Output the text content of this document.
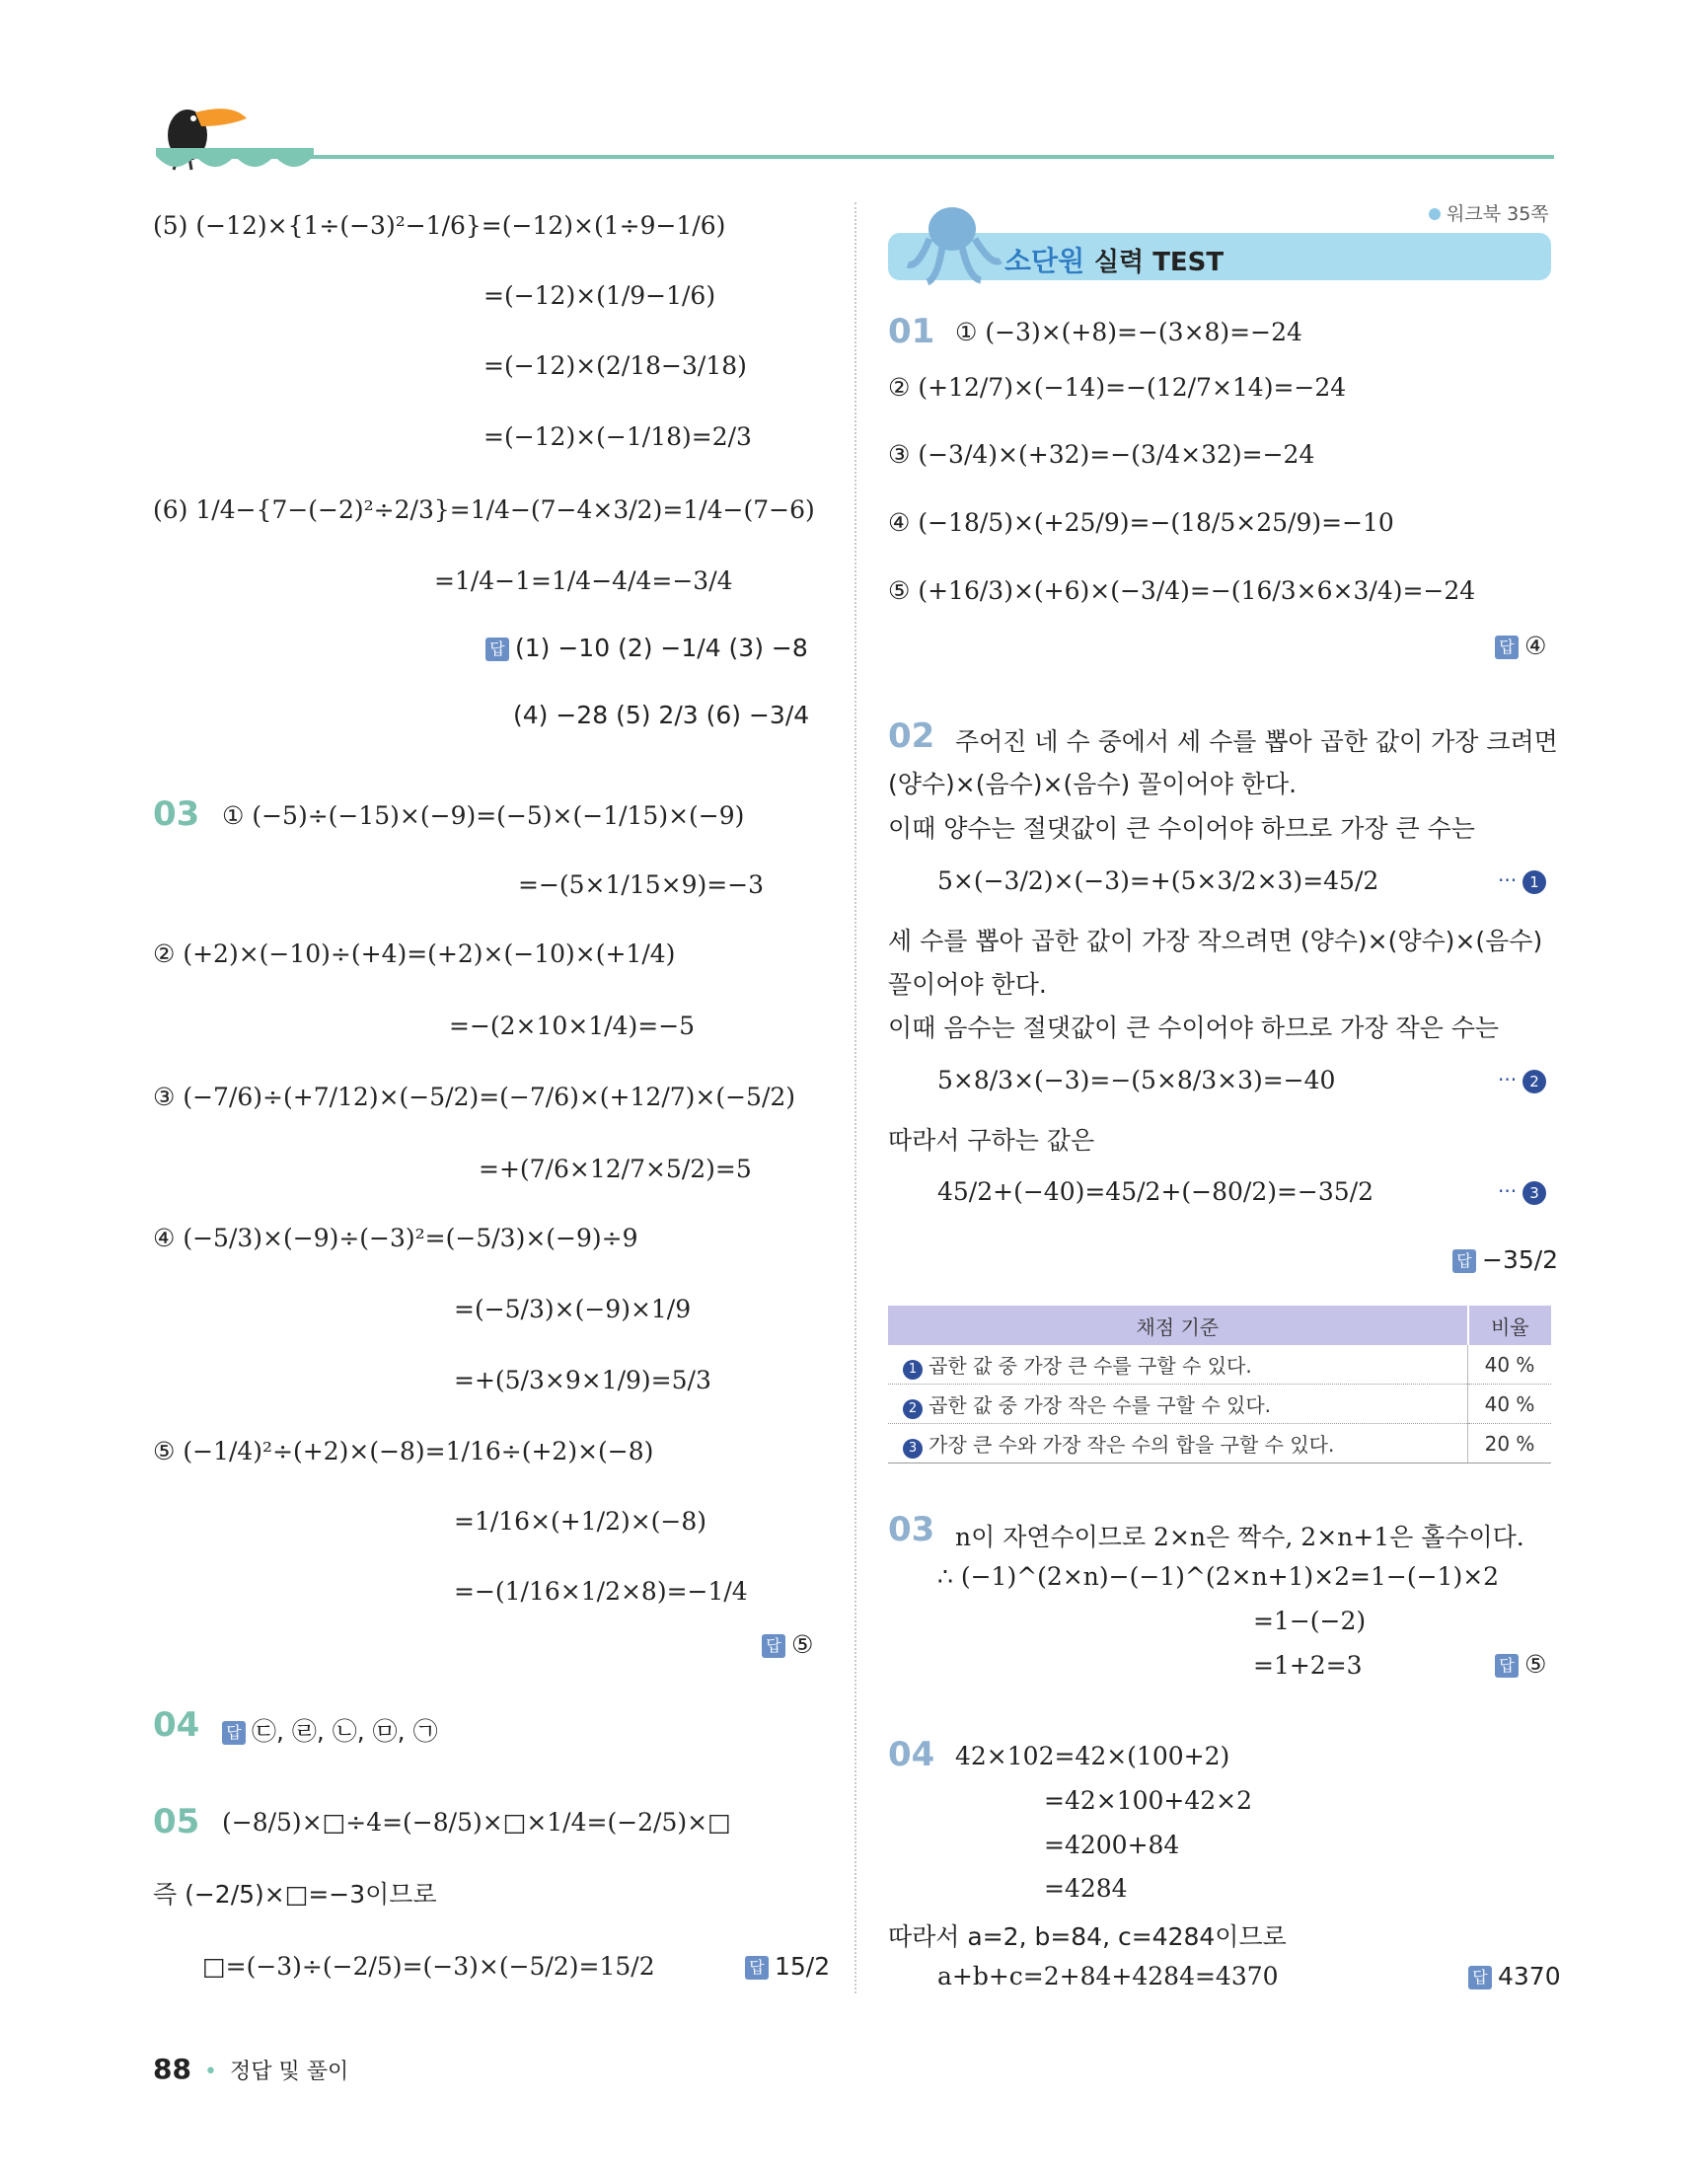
(5) (−12)×{1÷(−3)²−1/6}=(−12)×(1÷9−1/6)
=(−12)×(1/9−1/6)
=(−12)×(2/18−3/18)
=(−12)×(−1/18)=2/3
(6) 1/4−{7−(−2)²÷2/3}=1/4−(7−4×3/2)=1/4−(7−6)
=1/4−1=1/4−4/4=−3/4
답 (1) −10 (2) −1/4 (3) −8
(4) −28 (5) 2/3 (6) −3/4
03 ① (−5)÷(−15)×(−9)=(−5)×(−1/15)×(−9)
=−(5×1/15×9)=−3
② (+2)×(−10)÷(+4)=(+2)×(−10)×(+1/4)
=−(2×10×1/4)=−5
③ (−7/6)÷(+7/12)×(−5/2)=(−7/6)×(+12/7)×(−5/2)
=+(7/6×12/7×5/2)=5
④ (−5/3)×(−9)÷(−3)²=(−5/3)×(−9)÷9
=(−5/3)×(−9)×1/9
=+(5/3×9×1/9)=5/3
⑤ (−1/4)²÷(+2)×(−8)=1/16÷(+2)×(−8)
=1/16×(+1/2)×(−8)
=−(1/16×1/2×8)=−1/4
답 ⑤
04 답 ㉢, ㉣, ㉡, ㉤, ㉠
05 (−8/5)×□÷4=(−8/5)×□×1/4=(−2/5)×□
즉 (−2/5)×□=−3이므로
□=(−3)÷(−2/5)=(−3)×(−5/2)=15/2	답 15/2
워크북 35쪽
소단원 실력 TEST
01 ① (−3)×(+8)=−(3×8)=−24
② (+12/7)×(−14)=−(12/7×14)=−24
③ (−3/4)×(+32)=−(3/4×32)=−24
④ (−18/5)×(+25/9)=−(18/5×25/9)=−10
⑤ (+16/3)×(+6)×(−3/4)=−(16/3×6×3/4)=−24
답 ④
02 주어진 네 수 중에서 세 수를 뽑아 곱한 값이 가장 크려면
(양수)×(음수)×(음수) 꼴이어야 한다.
이때 양수는 절댓값이 큰 수이어야 하므로 가장 큰 수는
5×(−3/2)×(−3)=+(5×3/2×3)=45/2	··· 1
세 수를 뽑아 곱한 값이 가장 작으려면 (양수)×(양수)×(음수)
꼴이어야 한다.
이때 음수는 절댓값이 큰 수이어야 하므로 가장 작은 수는
5×8/3×(−3)=−(5×8/3×3)=−40	··· 2
따라서 구하는 값은
45/2+(−40)=45/2+(−80/2)=−35/2	··· 3
답 −35/2
채점 기준	비율
1 곱한 값 중 가장 큰 수를 구할 수 있다.	40 %
2 곱한 값 중 가장 작은 수를 구할 수 있다.	40 %
3 가장 큰 수와 가장 작은 수의 합을 구할 수 있다.	20 %
03 n이 자연수이므로 2×n은 짝수, 2×n+1은 홀수이다.
∴ (−1)^(2×n)−(−1)^(2×n+1)×2=1−(−1)×2
=1−(−2)
=1+2=3	답 ⑤
04 42×102=42×(100+2)
=42×100+42×2
=4200+84
=4284
따라서 a=2, b=84, c=4284이므로
a+b+c=2+84+4284=4370	답 4370
88 • 정답 및 풀이
